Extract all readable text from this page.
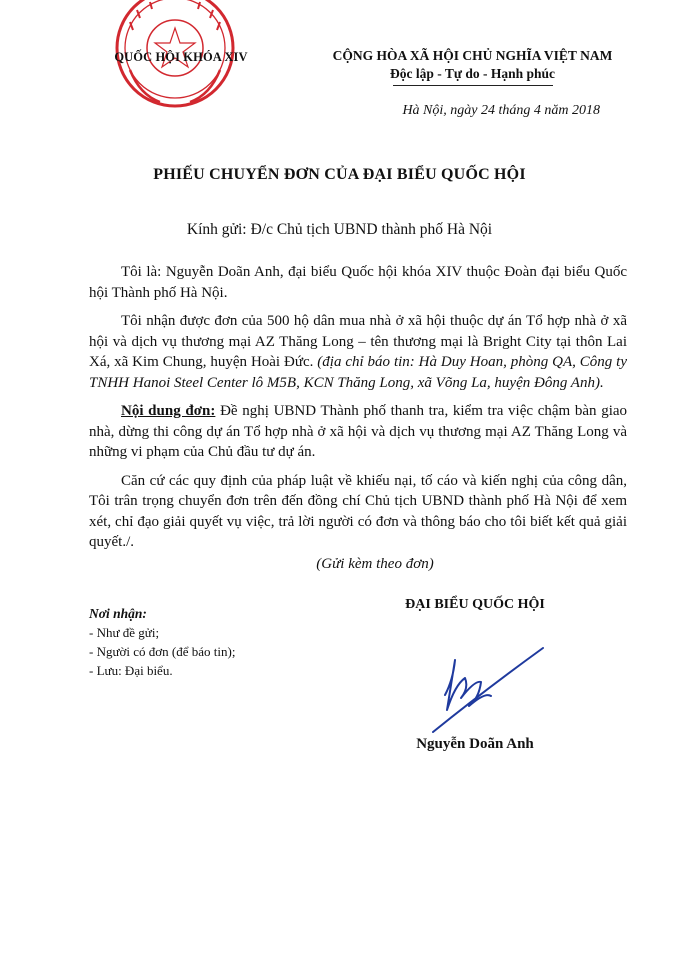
QUỐC HỘI KHÓA XIV	CỘNG HÒA XÃ HỘI CHỦ NGHĨA VIỆT NAM
Độc lập - Tự do - Hạnh phúc
Hà Nội, ngày 24 tháng 4 năm 2018
PHIẾU CHUYỂN ĐƠN CỦA ĐẠI BIỂU QUỐC HỘI
Kính gửi: Đ/c Chủ tịch UBND thành phố Hà Nội

Tôi là: Nguyễn Doãn Anh, đại biểu Quốc hội khóa XIV thuộc Đoàn đại biểu Quốc hội Thành phố Hà Nội.

Tôi nhận được đơn của 500 hộ dân mua nhà ở xã hội thuộc dự án Tổ hợp nhà ở xã hội và dịch vụ thương mại AZ Thăng Long – tên thương mại là Bright City tại thôn Lai Xá, xã Kim Chung, huyện Hoài Đức. (địa chỉ báo tin: Hà Duy Hoan, phòng QA, Công ty TNHH Hanoi Steel Center lô M5B, KCN Thăng Long, xã Võng La, huyện Đông Anh).

Nội dung đơn: Đề nghị UBND Thành phố thanh tra, kiểm tra việc chậm bàn giao nhà, dừng thi công dự án Tổ hợp nhà ở xã hội và dịch vụ thương mại AZ Thăng Long và những vi phạm của Chủ đầu tư dự án.

Căn cứ các quy định của pháp luật về khiếu nại, tố cáo và kiến nghị của công dân, Tôi trân trọng chuyển đơn trên đến đồng chí Chủ tịch UBND thành phố Hà Nội để xem xét, chỉ đạo giải quyết vụ việc, trả lời người có đơn và thông báo cho tôi biết kết quả giải quyết./.

(Gửi kèm theo đơn)
Nơi nhận:
- Như đề gửi;
- Người có đơn (để báo tin);
- Lưu: Đại biểu.
ĐẠI BIỂU QUỐC HỘI
Nguyễn Doãn Anh
